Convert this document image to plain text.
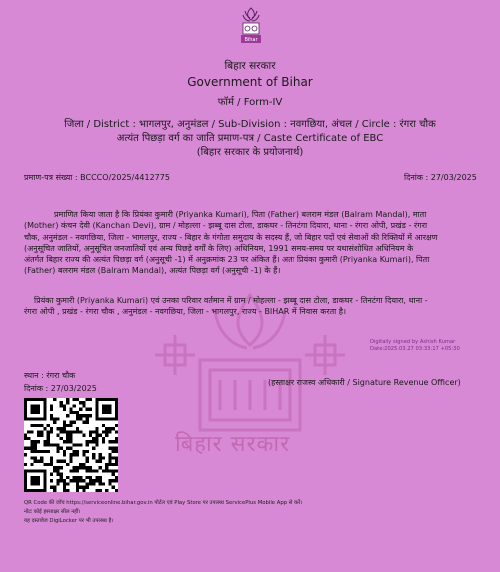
Bihar
बिहार सरकार
Government of Bihar
फॉर्म / Form-IV
जिला / District : भागलपुर, अनुमंडल / Sub-Division : नवगछिया, अंचल / Circle : रंगरा चौक
अत्यंत पिछड़ा वर्ग का जाति प्रमाण-पत्र / Caste Certificate of EBC
(बिहार सरकार के प्रयोजनार्थ)
प्रमाण-पत्र संख्या : BCCCO/2025/4412775	दिनांक : 27/03/2025
बिहार सरकार
प्रमाणित किया जाता है कि प्रियंका कुमारी (Priyanka Kumari), पिता (Father) बलराम मंडल (Balram Mandal), माता
(Mother) कंचन देवी (Kanchan Devi), ग्राम / मोहल्ला - झब्बू दास टोला, डाकघर - तिनटंगा दियारा, थाना - रंगरा ओपी, प्रखंड - रंगरा
चौक, अनुमंडल - नवगछिया, जिला - भागलपुर, राज्य - बिहार के गंगोता समुदाय के सदस्य हैं, जो बिहार पदों एवं सेवाओं की रिक्तियों में आरक्षण
(अनुसूचित जातियों, अनुसूचित जनजातियों एवं अन्य पिछड़े वर्गों के लिए) अधिनियम, 1991 समय-समय पर यथासंशोधित अधिनियम के
अंतर्गत बिहार राज्य की अत्यंत पिछड़ा वर्ग (अनुसूची -1) में अनुक्रमांक 23 पर अंकित हैं। अतः प्रियंका कुमारी (Priyanka Kumari), पिता
(Father) बलराम मंडल (Balram Mandal), अत्यंत पिछड़ा वर्ग (अनुसूची -1) के हैं।
प्रियंका कुमारी (Priyanka Kumari) एवं उनका परिवार वर्तमान में ग्राम / मोहल्ला - झब्बू दास टोला, डाकघर - तिनटंगा दियारा, थाना -
रंगरा ओपी , प्रखंड - रंगरा चौक , अनुमंडल - नवगछिया, जिला - भागलपुर, राज्य - BIHAR में निवास करता है।
Digitally signed by Ashish Kumar
Date:2025.03.27 03:33:17 +05:30
स्थान : रंगरा चौक
दिनांक : 27/03/2025
(हस्ताक्षर राजस्व अधिकारी / Signature Revenue Officer)
QR Code की जाँच https://serviceonline.bihar.gov.in पोर्टल एवं Play Store पर उपलब्ध ServicePlus Mobile App से करें।
नोटः कोई हस्त्ताक्षर सील नहीं।
यह दस्तावेज DigiLocker पर भी उपलब्ध है।
